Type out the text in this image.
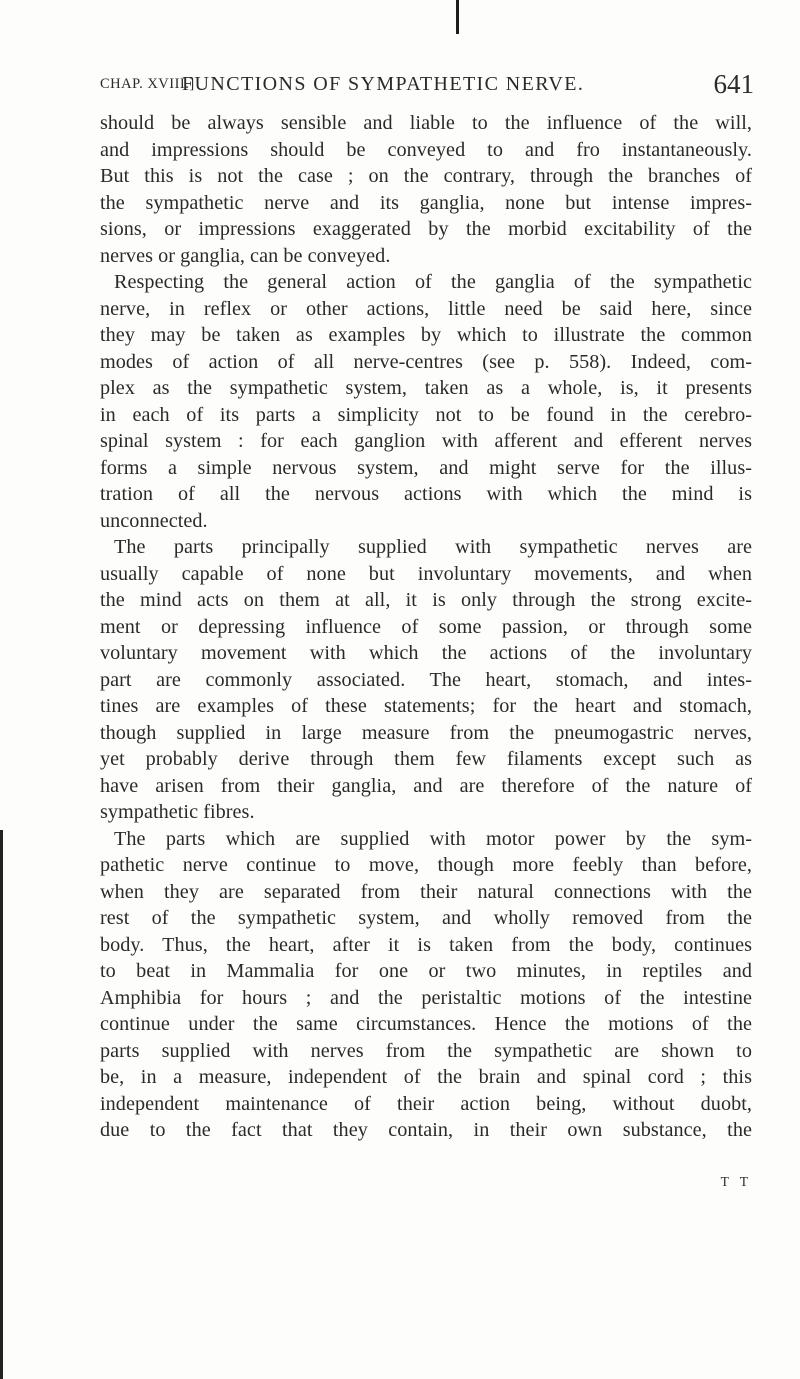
CHAP. XVIII.]
FUNCTIONS OF SYMPATHETIC NERVE.	641
should be always sensible and liable to the influence of the will,
and impressions should be conveyed to and fro instantaneously.
But this is not the case ; on the contrary, through the branches of
the sympathetic nerve and its ganglia, none but intense impres-
sions, or impressions exaggerated by the morbid excitability of the
nerves or ganglia, can be conveyed.
Respecting the general action of the ganglia of the sympathetic
nerve, in reflex or other actions, little need be said here, since
they may be taken as examples by which to illustrate the common
modes of action of all nerve-centres (see p. 558). Indeed, com-
plex as the sympathetic system, taken as a whole, is, it presents
in each of its parts a simplicity not to be found in the cerebro-
spinal system : for each ganglion with afferent and efferent nerves
forms a simple nervous system, and might serve for the illus-
tration of all the nervous actions with which the mind is
unconnected.
The parts principally supplied with sympathetic nerves are
usually capable of none but involuntary movements, and when
the mind acts on them at all, it is only through the strong excite-
ment or depressing influence of some passion, or through some
voluntary movement with which the actions of the involuntary
part are commonly associated. The heart, stomach, and intes-
tines are examples of these statements; for the heart and stomach,
though supplied in large measure from the pneumogastric nerves,
yet probably derive through them few filaments except such as
have arisen from their ganglia, and are therefore of the nature of
sympathetic fibres.
The parts which are supplied with motor power by the sym-
pathetic nerve continue to move, though more feebly than before,
when they are separated from their natural connections with the
rest of the sympathetic system, and wholly removed from the
body. Thus, the heart, after it is taken from the body, continues
to beat in Mammalia for one or two minutes, in reptiles and
Amphibia for hours ; and the peristaltic motions of the intestine
continue under the same circumstances. Hence the motions of the
parts supplied with nerves from the sympathetic are shown to
be, in a measure, independent of the brain and spinal cord ; this
independent maintenance of their action being, without duobt,
due to the fact that they contain, in their own substance, the
T T
